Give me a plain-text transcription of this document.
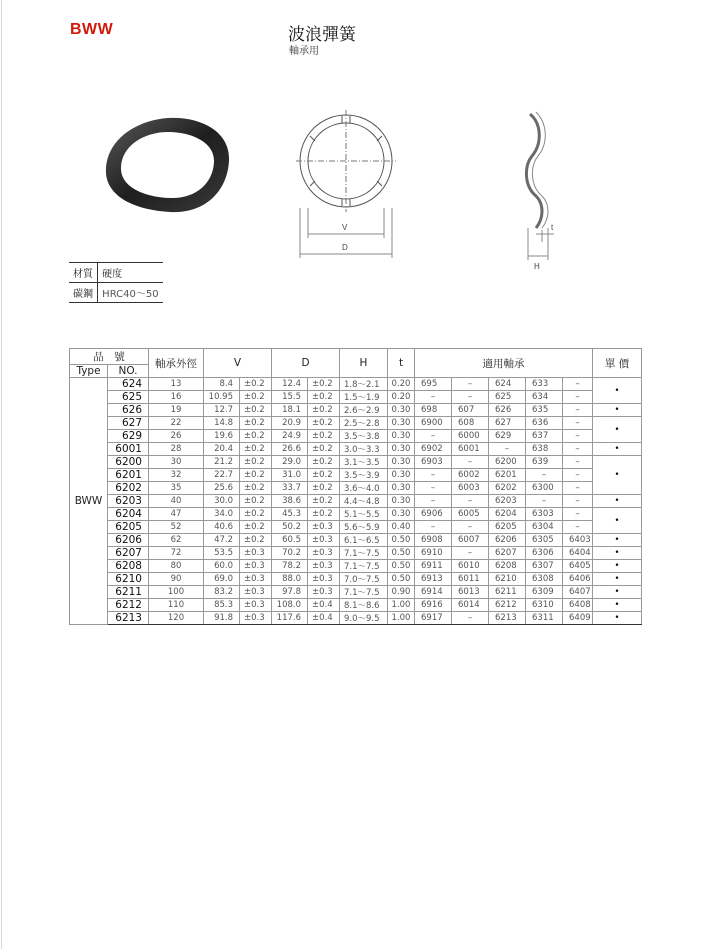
BWW	波浪彈簧
軸承用
V
D
t
H
材質	硬度
碳鋼	HRC40～50
品　號		軸承外徑	V		D		H	t	適用軸承					單 價
Type	NO.													
BWW	624	13	8.4	±0.2	12.4	±0.2	1.8～2.1	0.20	695	–	624	633	–	•
	625	16	10.95	±0.2	15.5	±0.2	1.5～1.9	0.20	–	–	625	634	–	
	626	19	12.7	±0.2	18.1	±0.2	2.6～2.9	0.30	698	607	626	635	–	•
	627	22	14.8	±0.2	20.9	±0.2	2.5～2.8	0.30	6900	608	627	636	–	•
	629	26	19.6	±0.2	24.9	±0.2	3.5～3.8	0.30	–	6000	629	637	–	
	6001	28	20.4	±0.2	26.6	±0.2	3.0～3.3	0.30	6902	6001	–	638	–	•
	6200	30	21.2	±0.2	29.0	±0.2	3.1～3.5	0.30	6903	–	6200	639	–	•
	6201	32	22.7	±0.2	31.0	±0.2	3.5～3.9	0.30	–	6002	6201	–	–	
	6202	35	25.6	±0.2	33.7	±0.2	3.6～4.0	0.30	–	6003	6202	6300	–	
	6203	40	30.0	±0.2	38.6	±0.2	4.4～4.8	0.30	–	–	6203	–	–	•
	6204	47	34.0	±0.2	45.3	±0.2	5.1～5.5	0.30	6906	6005	6204	6303	–	•
	6205	52	40.6	±0.2	50.2	±0.3	5.6～5.9	0.40	–	–	6205	6304	–	
	6206	62	47.2	±0.2	60.5	±0.3	6.1～6.5	0.50	6908	6007	6206	6305	6403	•
	6207	72	53.5	±0.3	70.2	±0.3	7.1～7.5	0.50	6910	–	6207	6306	6404	•
	6208	80	60.0	±0.3	78.2	±0.3	7.1～7.5	0.50	6911	6010	6208	6307	6405	•
	6210	90	69.0	±0.3	88.0	±0.3	7.0～7.5	0.50	6913	6011	6210	6308	6406	•
	6211	100	83.2	±0.3	97.8	±0.3	7.1～7.5	0.90	6914	6013	6211	6309	6407	•
	6212	110	85.3	±0.3	108.0	±0.4	8.1～8.6	1.00	6916	6014	6212	6310	6408	•
	6213	120	91.8	±0.3	117.6	±0.4	9.0～9.5	1.00	6917	–	6213	6311	6409	•
